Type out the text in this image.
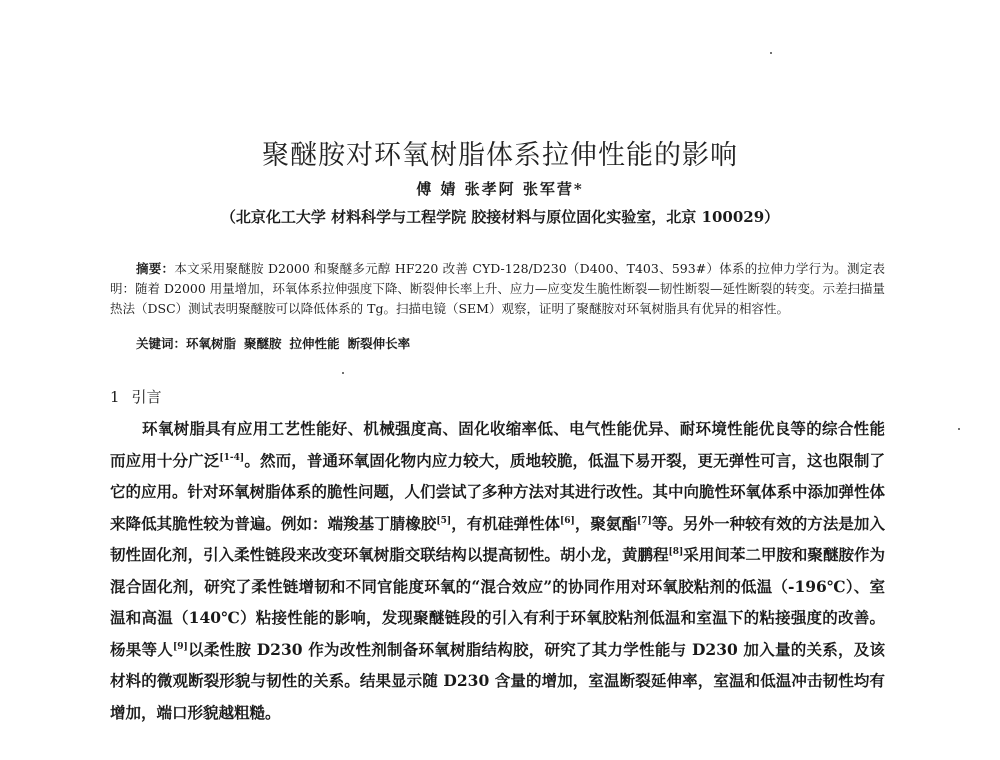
聚醚胺对环氧树脂体系拉伸性能的影响
傅 婧 张孝阿 张军营*
（北京化工大学 材料科学与工程学院 胶接材料与原位固化实验室，北京 100029）
摘要：本文采用聚醚胺 D2000 和聚醚多元醇 HF220 改善 CYD-128/D230（D400、T403、593#）体系的拉伸力学行为。测定表明：随着 D2000 用量增加，环氧体系拉伸强度下降、断裂伸长率上升、应力—应变发生脆性断裂—韧性断裂—延性断裂的转变。示差扫描量热法（DSC）测试表明聚醚胺可以降低体系的 Tg。扫描电镜（SEM）观察，证明了聚醚胺对环氧树脂具有优异的相容性。
关键词：环氧树脂 聚醚胺 拉伸性能 断裂伸长率
1 引言
环氧树脂具有应用工艺性能好、机械强度高、固化收缩率低、电气性能优异、耐环境性能优良等的综合性能而应用十分广泛[1-4]。然而，普通环氧固化物内应力较大，质地较脆，低温下易开裂，更无弹性可言，这也限制了它的应用。针对环氧树脂体系的脆性问题，人们尝试了多种方法对其进行改性。其中向脆性环氧体系中添加弹性体来降低其脆性较为普遍。例如：端羧基丁腈橡胶[5]，有机硅弹性体[6]，聚氨酯[7]等。另外一种较有效的方法是加入韧性固化剂，引入柔性链段来改变环氧树脂交联结构以提高韧性。胡小龙，黄鹏程[8]采用间苯二甲胺和聚醚胺作为混合固化剂，研究了柔性链增韧和不同官能度环氧的“混合效应”的协同作用对环氧胶粘剂的低温（-196℃）、室温和高温（140℃）粘接性能的影响，发现聚醚链段的引入有利于环氧胶粘剂低温和室温下的粘接强度的改善。杨果等人[9]以柔性胺 D230 作为改性剂制备环氧树脂结构胶，研究了其力学性能与 D230 加入量的关系，及该材料的微观断裂形貌与韧性的关系。结果显示随 D230 含量的增加，室温断裂延伸率，室温和低温冲击韧性均有增加，端口形貌越粗糙。
